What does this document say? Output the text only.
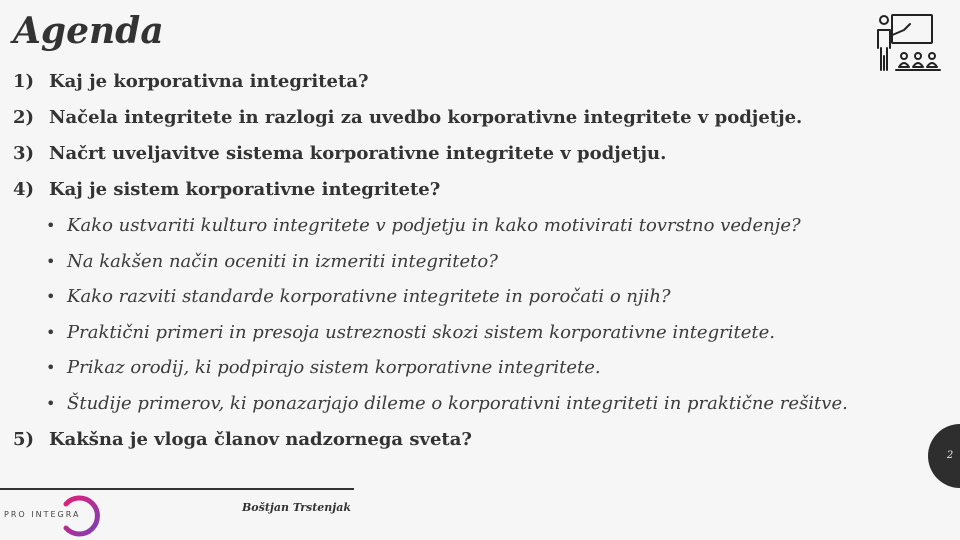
Agenda
1) Kaj je korporativna integriteta?
2) Načela integritete in razlogi za uvedbo korporativne integritete v podjetje.
3) Načrt uveljavitve sistema korporativne integritete v podjetju.
4) Kaj je sistem korporativne integritete?
• Kako ustvariti kulturo integritete v podjetju in kako motivirati tovrstno vedenje?
• Na kakšen način oceniti in izmeriti integriteto?
• Kako razviti standarde korporativne integritete in poročati o njih?
• Praktični primeri in presoja ustreznosti skozi sistem korporativne integritete.
• Prikaz orodij, ki podpirajo sistem korporativne integritete.
• Študije primerov, ki ponazarjajo dileme o korporativni integriteti in praktične rešitve.
5) Kakšna je vloga članov nadzornega sveta?
2
PRO INTEGRA
Boštjan Trstenjak
